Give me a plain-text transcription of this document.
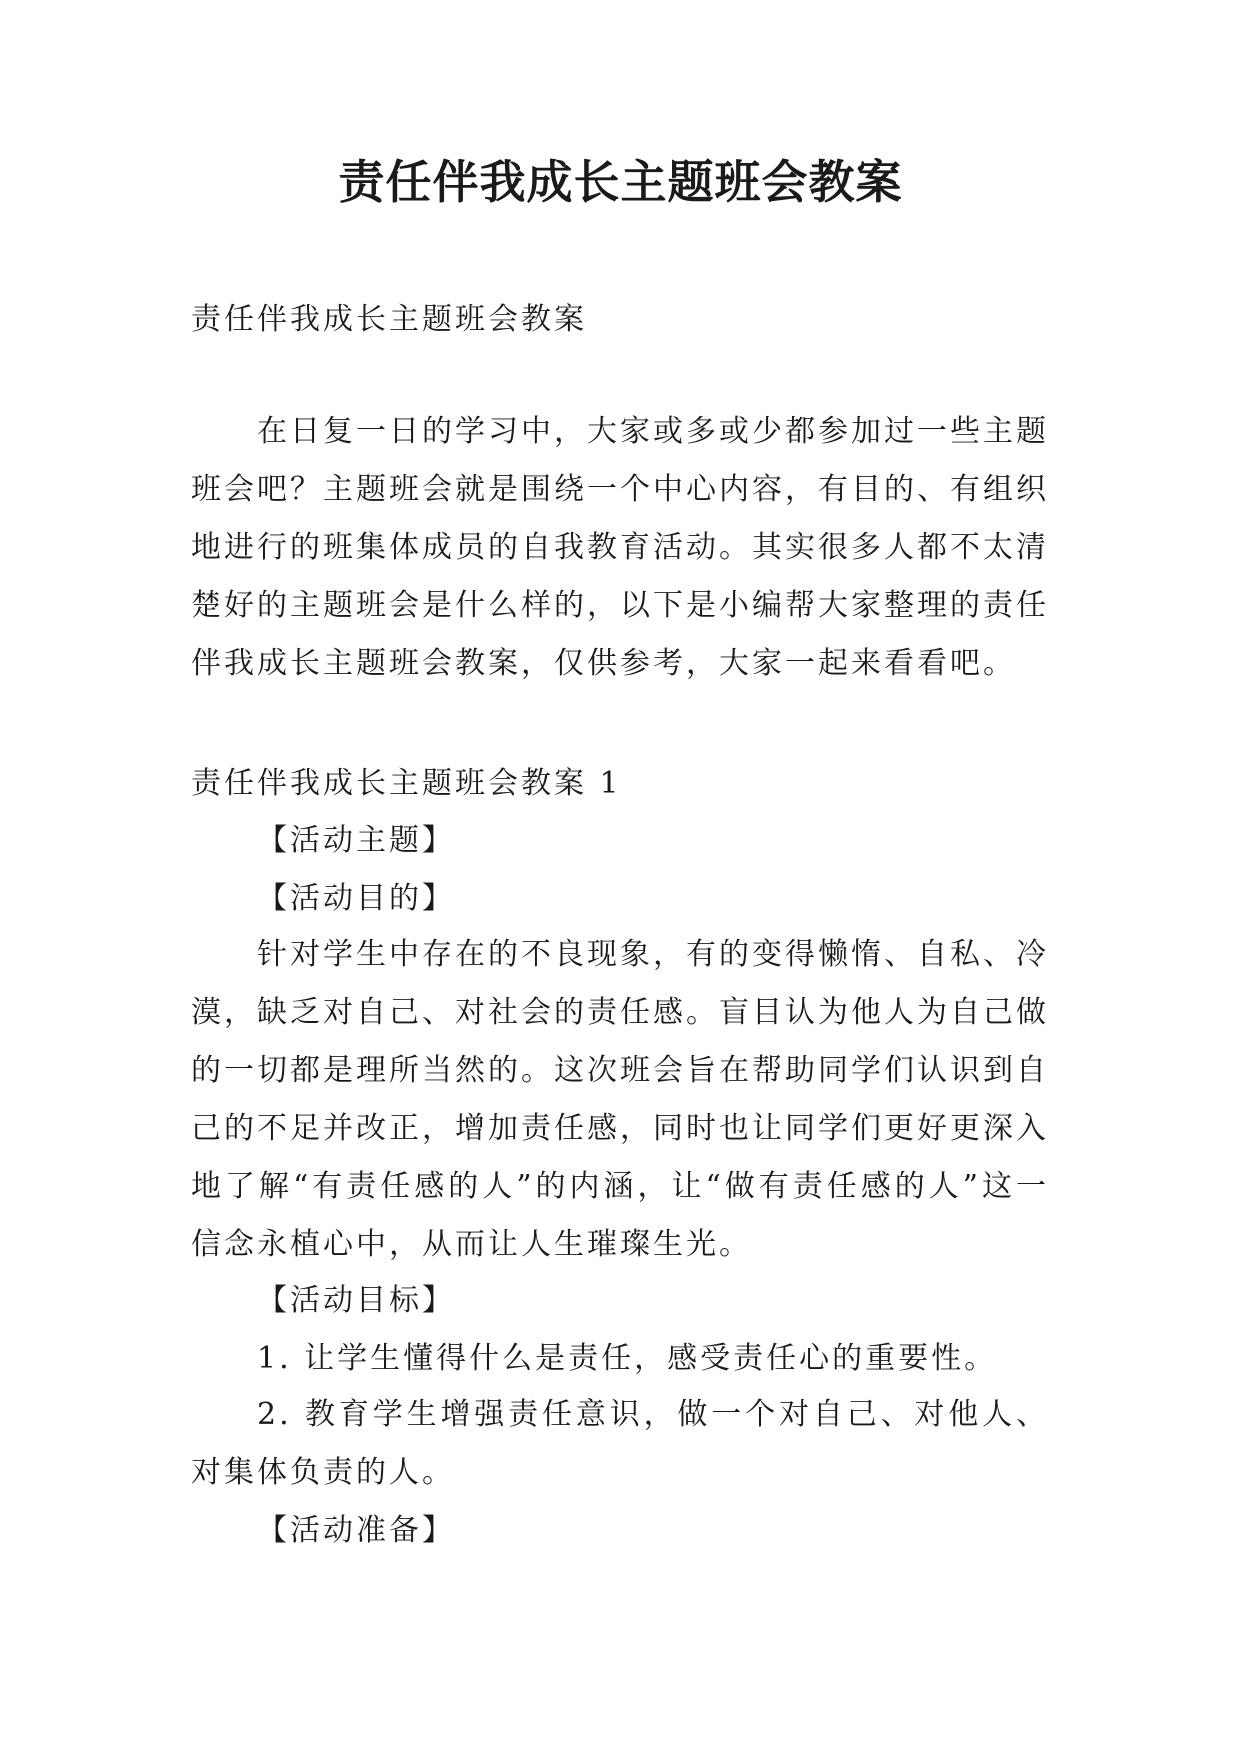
责任伴我成长主题班会教案

责任伴我成长主题班会教案

在日复一日的学习中，大家或多或少都参加过一些主题班会吧？主题班会就是围绕一个中心内容，有目的、有组织地进行的班集体成员的自我教育活动。其实很多人都不太清楚好的主题班会是什么样的，以下是小编帮大家整理的责任伴我成长主题班会教案，仅供参考，大家一起来看看吧。

责任伴我成长主题班会教案 1

【活动主题】

【活动目的】

针对学生中存在的不良现象，有的变得懒惰、自私、冷漠，缺乏对自己、对社会的责任感。盲目认为他人为自己做的一切都是理所当然的。这次班会旨在帮助同学们认识到自己的不足并改正，增加责任感，同时也让同学们更好更深入地了解“有责任感的人”的内涵，让“做有责任感的人”这一信念永植心中，从而让人生璀璨生光。

【活动目标】

1. 让学生懂得什么是责任，感受责任心的重要性。

2. 教育学生增强责任意识，做一个对自己、对他人、对集体负责的人。

【活动准备】
